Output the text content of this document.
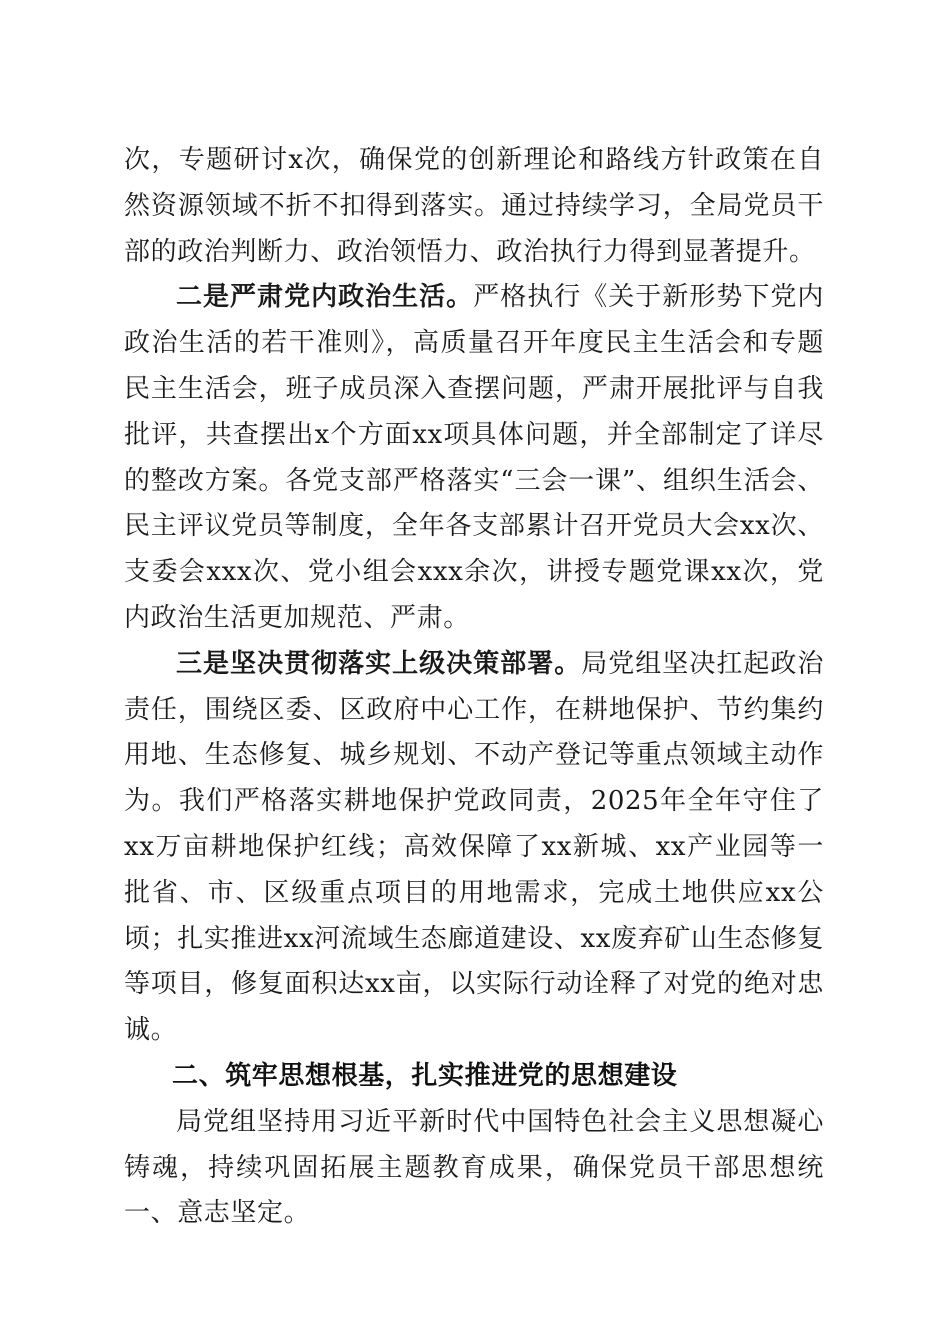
次，专题研讨x次，确保党的创新理论和路线方针政策在自然资源领域不折不扣得到落实。通过持续学习，全局党员干部的政治判断力、政治领悟力、政治执行力得到显著提升。

二是严肃党内政治生活。严格执行《关于新形势下党内政治生活的若干准则》，高质量召开年度民主生活会和专题民主生活会，班子成员深入查摆问题，严肃开展批评与自我批评，共查摆出x个方面xx项具体问题，并全部制定了详尽的整改方案。各党支部严格落实“三会一课”、组织生活会、民主评议党员等制度，全年各支部累计召开党员大会xx次、支委会xxx次、党小组会xxx余次，讲授专题党课xx次，党内政治生活更加规范、严肃。

三是坚决贯彻落实上级决策部署。局党组坚决扛起政治责任，围绕区委、区政府中心工作，在耕地保护、节约集约用地、生态修复、城乡规划、不动产登记等重点领域主动作为。我们严格落实耕地保护党政同责，2025年全年守住了xx万亩耕地保护红线；高效保障了xx新城、xx产业园等一批省、市、区级重点项目的用地需求，完成土地供应xx公顷；扎实推进xx河流域生态廊道建设、xx废弃矿山生态修复等项目，修复面积达xx亩，以实际行动诠释了对党的绝对忠诚。

二、筑牢思想根基，扎实推进党的思想建设

局党组坚持用习近平新时代中国特色社会主义思想凝心铸魂，持续巩固拓展主题教育成果，确保党员干部思想统一、意志坚定。
